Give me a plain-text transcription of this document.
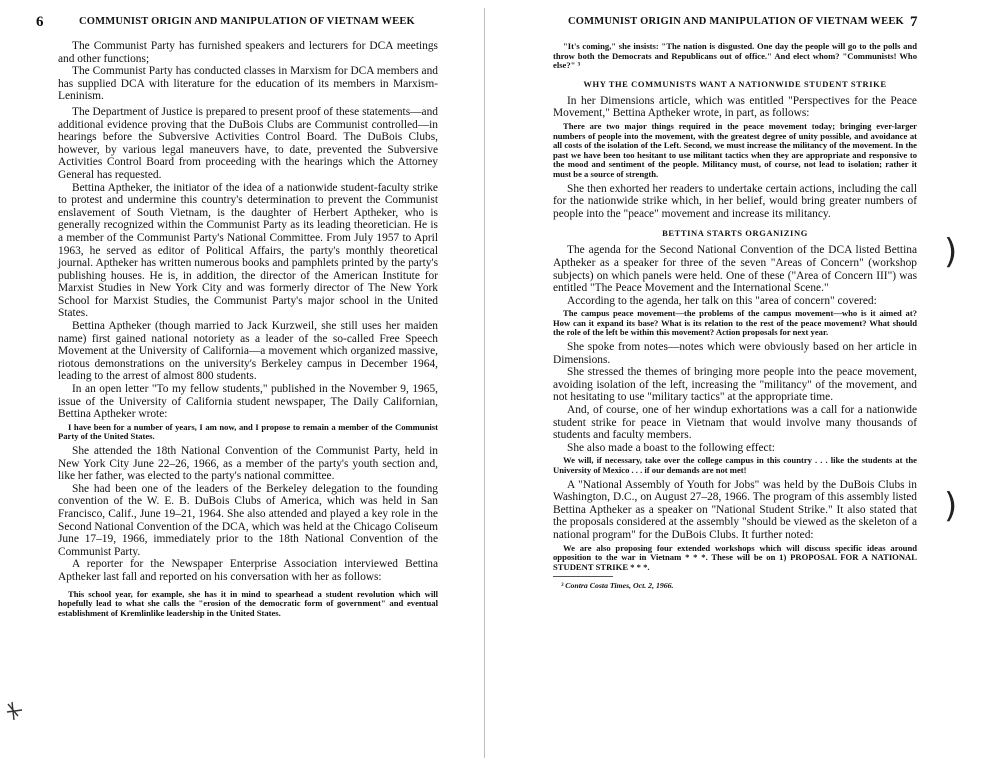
6	COMMUNIST ORIGIN AND MANIPULATION OF VIETNAM WEEK

The Communist Party has furnished speakers and lecturers for DCA meetings and other functions;

The Communist Party has conducted classes in Marxism for DCA members and has supplied DCA with literature for the education of its members in Marxism-Leninism.

The Department of Justice is prepared to present proof of these statements—and additional evidence proving that the DuBois Clubs are Communist controlled—in hearings before the Subversive Activities Control Board. The DuBois Clubs, however, by various legal maneuvers have, to date, prevented the Subversive Activities Control Board from proceeding with the hearings which the Attorney General has requested.

Bettina Aptheker, the initiator of the idea of a nationwide student-faculty strike to protest and undermine this country's determination to prevent the Communist enslavement of South Vietnam, is the daughter of Herbert Aptheker, who is generally recognized within the Communist Party as its leading theoretician. He is a member of the Communist Party's National Committee. From July 1957 to April 1963, he served as editor of Political Affairs, the party's monthly theoretical journal. Aptheker has written numerous books and pamphlets printed by the party's publishing houses. He is, in addition, the director of the American Institute for Marxist Studies in New York City and was formerly director of The New York School for Marxist Studies, the Communist Party's major school in the United States.

Bettina Aptheker (though married to Jack Kurzweil, she still uses her maiden name) first gained national notoriety as a leader of the so-called Free Speech Movement at the University of California—a movement which organized massive, riotous demonstrations on the university's Berkeley campus in December 1964, leading to the arrest of almost 800 students.

In an open letter "To my fellow students," published in the November 9, 1965, issue of the University of California student newspaper, The Daily Californian, Bettina Aptheker wrote:

I have been for a number of years, I am now, and I propose to remain a member of the Communist Party of the United States.

She attended the 18th National Convention of the Communist Party, held in New York City June 22–26, 1966, as a member of the party's youth section and, like her father, was elected to the party's national committee.

She had been one of the leaders of the Berkeley delegation to the founding convention of the W. E. B. DuBois Clubs of America, which was held in San Francisco, Calif., June 19–21, 1964. She also attended and played a key role in the Second National Convention of the DCA, which was held at the Chicago Coliseum June 17–19, 1966, immediately prior to the 18th National Convention of the Communist Party.

A reporter for the Newspaper Enterprise Association interviewed Bettina Aptheker last fall and reported on his conversation with her as follows:

This school year, for example, she has it in mind to spearhead a student revolution which will hopefully lead to what she calls the "erosion of the democratic form of government" and eventual establishment of Kremlinlike leadership in the United States.

COMMUNIST ORIGIN AND MANIPULATION OF VIETNAM WEEK 7

"It's coming," she insists: "The nation is disgusted. One day the people will go to the polls and throw both the Democrats and Republicans out of office." And elect whom? "Communists! Who else?" ³

WHY THE COMMUNISTS WANT A NATIONWIDE STUDENT STRIKE

In her Dimensions article, which was entitled "Perspectives for the Peace Movement," Bettina Aptheker wrote, in part, as follows:

There are two major things required in the peace movement today; bringing ever-larger numbers of people into the movement, with the greatest degree of unity possible, and avoidance at all costs of the isolation of the Left. Second, we must increase the militancy of the movement. In the past we have been too hesitant to use militant tactics when they are appropriate and responsive to the mood and sentiment of the people. Militancy must, of course, not lead to isolation; rather it must be a source of strength.

She then exhorted her readers to undertake certain actions, including the call for the nationwide strike which, in her belief, would bring greater numbers of people into the "peace" movement and increase its militancy.

BETTINA STARTS ORGANIZING

The agenda for the Second National Convention of the DCA listed Bettina Aptheker as a speaker for three of the seven "Areas of Concern" (workshop subjects) on which panels were held. One of these ("Area of Concern III") was entitled "The Peace Movement and the International Scene."

According to the agenda, her talk on this "area of concern" covered:

The campus peace movement—the problems of the campus movement—who is it aimed at? How can it expand its base? What is its relation to the rest of the peace movement? What should the role of the left be within this movement? Action proposals for next year.

She spoke from notes—notes which were obviously based on her article in Dimensions.

She stressed the themes of bringing more people into the peace movement, avoiding isolation of the left, increasing the "militancy" of the movement, and not hesitating to use "military tactics" at the appropriate time.

And, of course, one of her windup exhortations was a call for a nationwide student strike for peace in Vietnam that would involve many thousands of students and faculty members.

She also made a boast to the following effect:

We will, if necessary, take over the college campus in this country . . . like the students at the University of Mexico . . . if our demands are not met!

A "National Assembly of Youth for Jobs" was held by the DuBois Clubs in Washington, D.C., on August 27–28, 1966. The program of this assembly listed Bettina Aptheker as a speaker on "National Student Strike." It also stated that the proposals considered at the assembly "should be viewed as the skeleton of a national program" for the DuBois Clubs. It further noted:

We are also proposing four extended workshops which will discuss specific ideas around opposition to the war in Vietnam * * *. These will be on 1) PROPOSAL FOR A NATIONAL STUDENT STRIKE * * *.

³ Contra Costa Times, Oct. 2, 1966.

)
)
